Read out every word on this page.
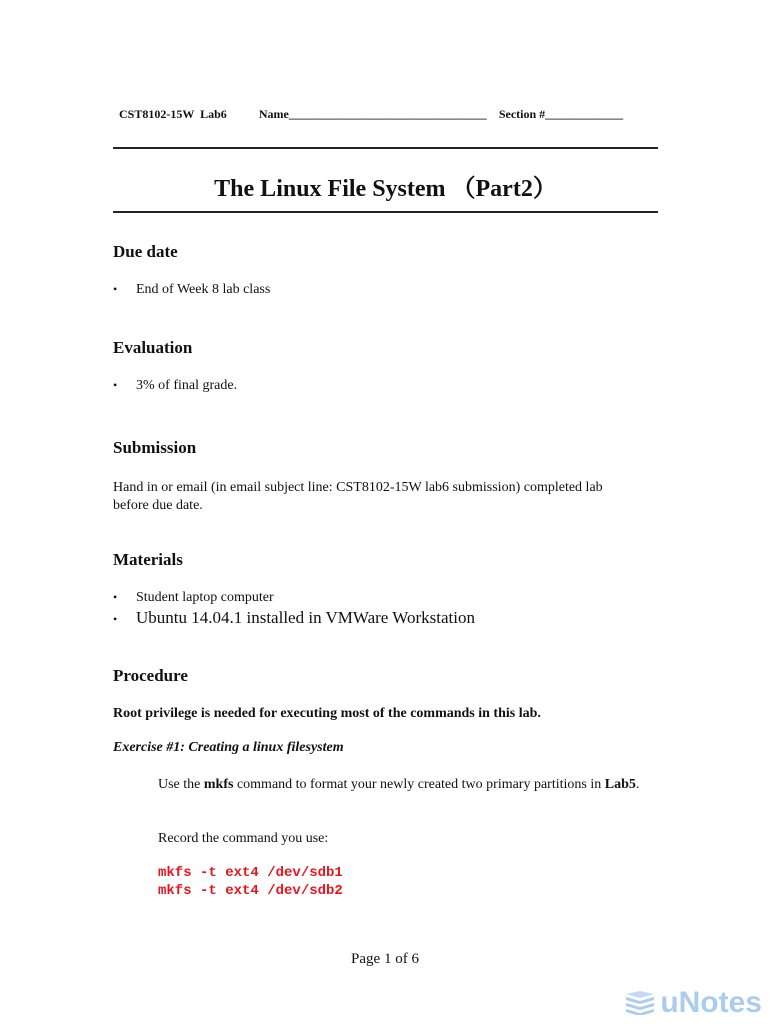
CST8102-15W  Lab6	Name_________________________________ Section #_____________

The Linux File System （Part2）
Due date
•	End of Week 8 lab class
Evaluation
•	3% of final grade.
Submission
Hand in or email (in email subject line: CST8102-15W lab6 submission) completed lab before due date.
Materials
•	Student laptop computer
•	Ubuntu 14.04.1 installed in VMWare Workstation
Procedure
Root privilege is needed for executing most of the commands in this lab.
Exercise #1: Creating a linux filesystem
Use the mkfs command to format your newly created two primary partitions in Lab5.
Record the command you use:
mkfs -t ext4 /dev/sdb1
mkfs -t ext4 /dev/sdb2
Page 1 of 6
uNotes
